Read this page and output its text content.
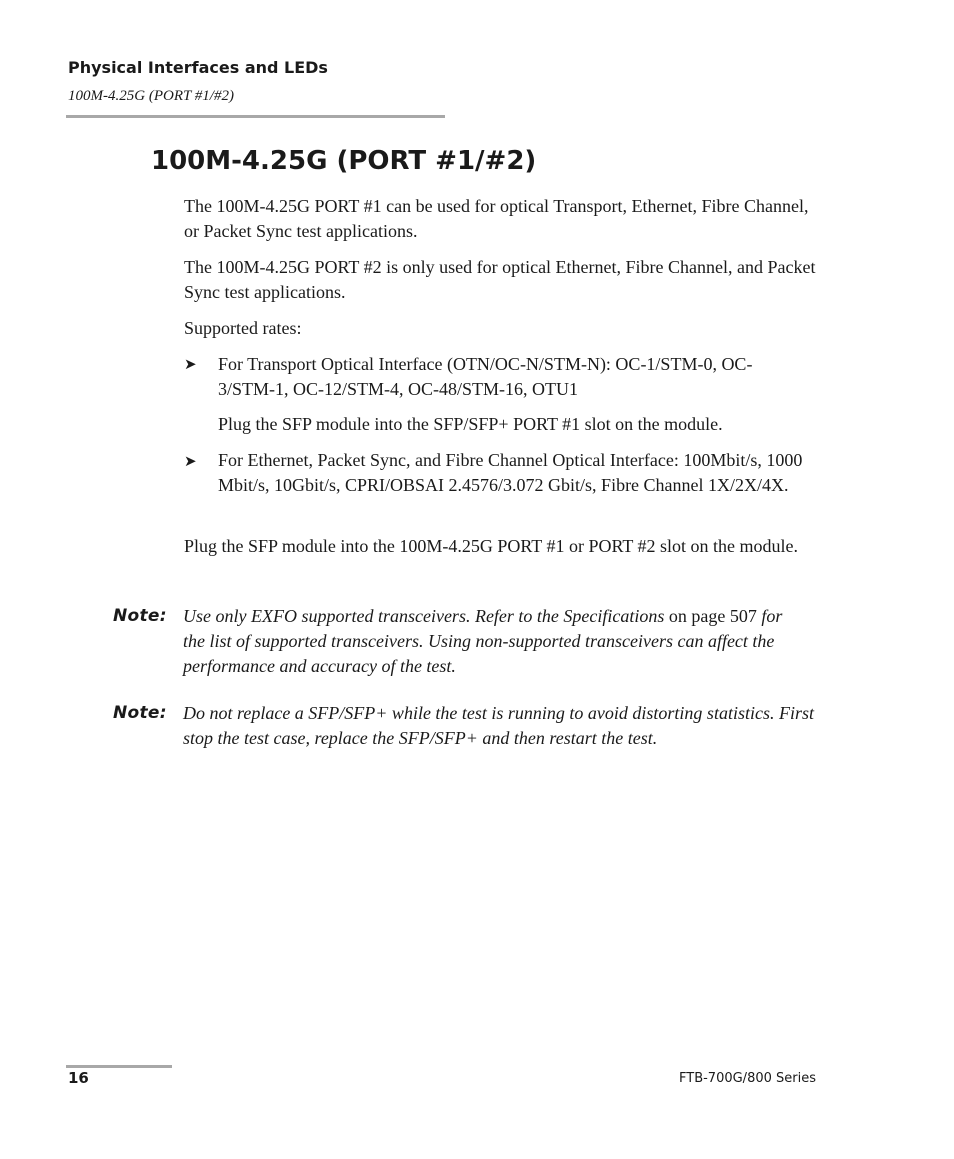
Physical Interfaces and LEDs
100M-4.25G (PORT #1/#2)
100M-4.25G (PORT #1/#2)

The 100M-4.25G PORT #1 can be used for optical Transport, Ethernet, Fibre Channel, or Packet Sync test applications.

The 100M-4.25G PORT #2 is only used for optical Ethernet, Fibre Channel, and Packet Sync test applications.

Supported rates:

➤ For Transport Optical Interface (OTN/OC-N/STM-N): OC-1/STM-0, OC-3/STM-1, OC-12/STM-4, OC-48/STM-16, OTU1

Plug the SFP module into the SFP/SFP+ PORT #1 slot on the module.

➤ For Ethernet, Packet Sync, and Fibre Channel Optical Interface: 100Mbit/s, 1000 Mbit/s, 10Gbit/s, CPRI/OBSAI 2.4576/3.072 Gbit/s, Fibre Channel 1X/2X/4X.

Plug the SFP module into the 100M-4.25G PORT #1 or PORT #2 slot on the module.

Note: Use only EXFO supported transceivers. Refer to the Specifications on page 507 for the list of supported transceivers. Using non-supported transceivers can affect the performance and accuracy of the test.

Note: Do not replace a SFP/SFP+ while the test is running to avoid distorting statistics. First stop the test case, replace the SFP/SFP+ and then restart the test.

16	FTB-700G/800 Series
